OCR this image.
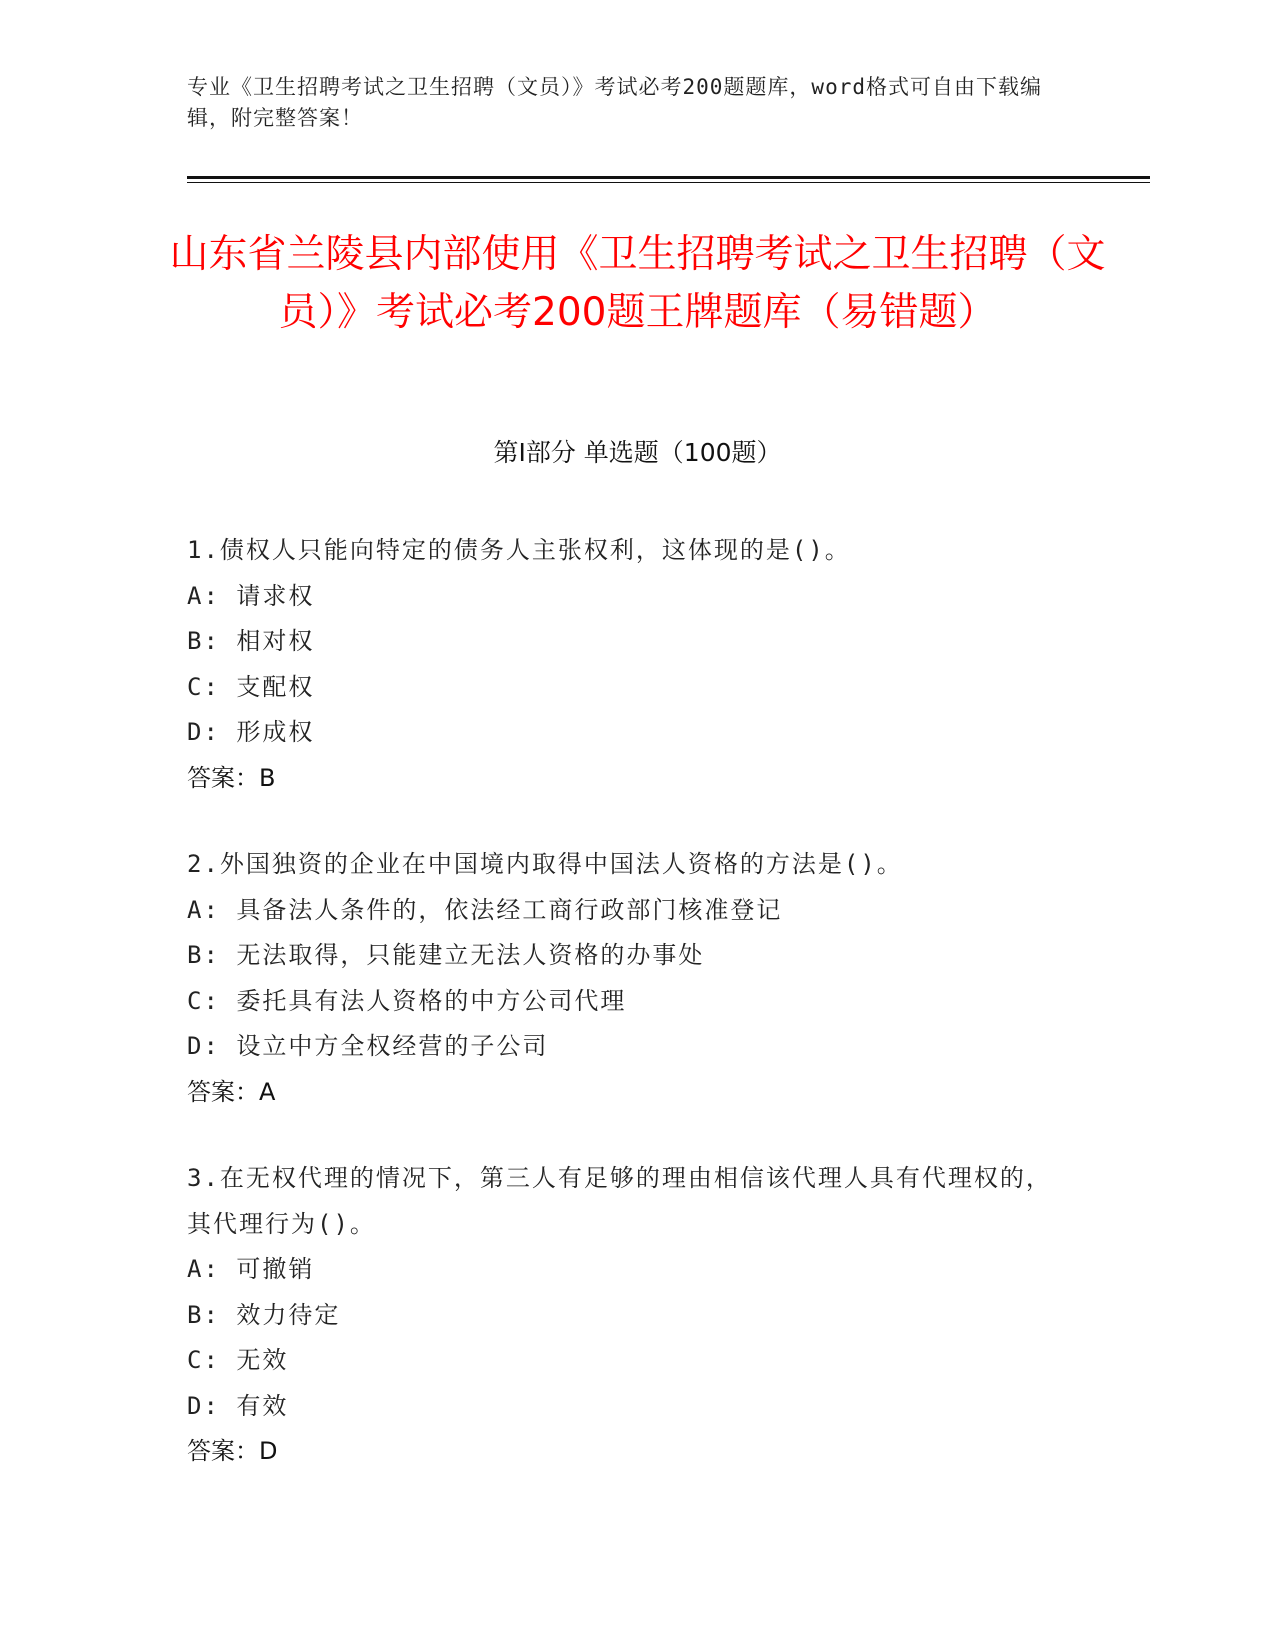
专业《卫生招聘考试之卫生招聘（文员）》考试必考200题题库，word格式可自由下载编辑，附完整答案！
山东省兰陵县内部使用《卫生招聘考试之卫生招聘（文员）》考试必考200题王牌题库（易错题）
第Ⅰ部分 单选题（100题）
1.债权人只能向特定的债务人主张权利，这体现的是()。
A: 请求权
B: 相对权
C: 支配权
D: 形成权
答案：B
2.外国独资的企业在中国境内取得中国法人资格的方法是()。
A: 具备法人条件的，依法经工商行政部门核准登记
B: 无法取得，只能建立无法人资格的办事处
C: 委托具有法人资格的中方公司代理
D: 设立中方全权经营的子公司
答案：A
3.在无权代理的情况下，第三人有足够的理由相信该代理人具有代理权的，其代理行为()。
A: 可撤销
B: 效力待定
C: 无效
D: 有效
答案：D
